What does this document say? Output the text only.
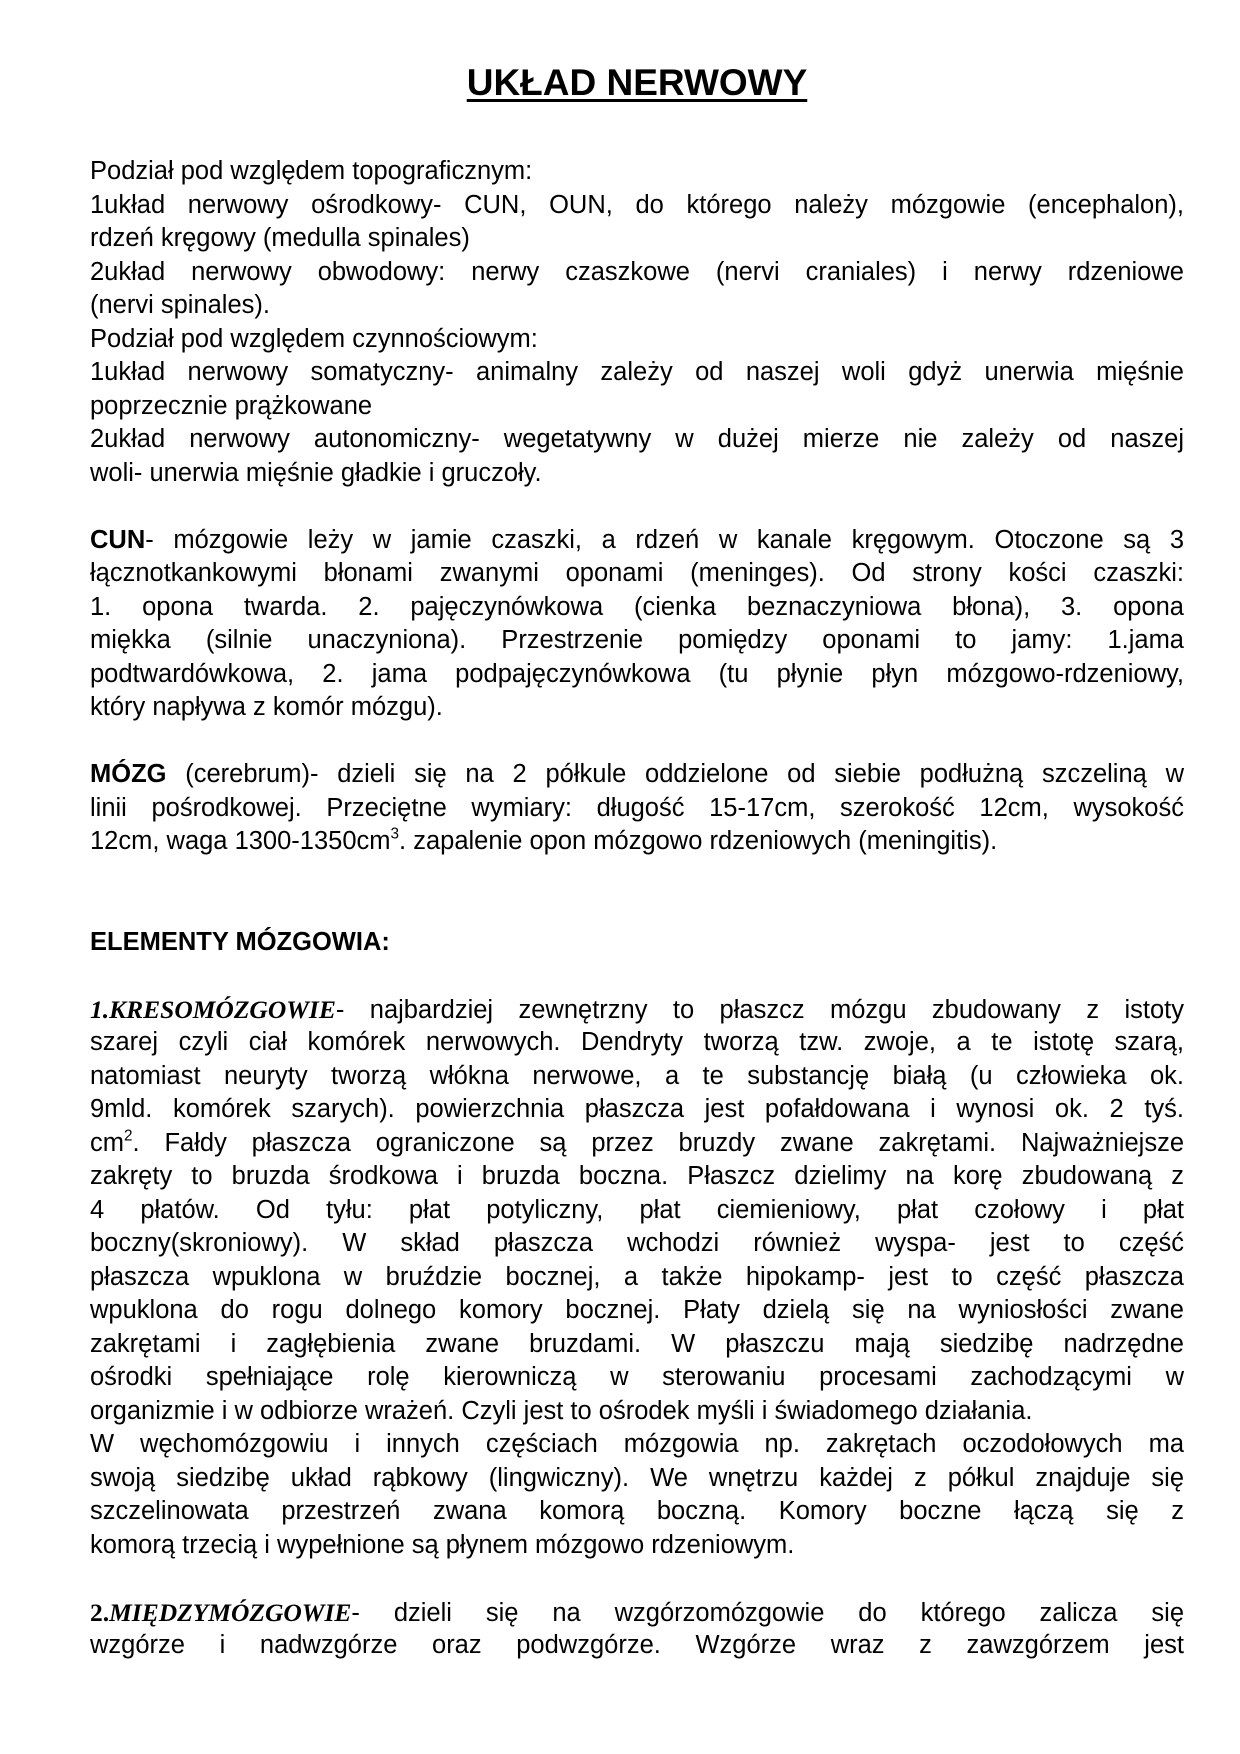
UKŁAD NERWOWY
Podział pod względem topograficznym:
1układ nerwowy ośrodkowy- CUN, OUN, do którego należy mózgowie (encephalon),
rdzeń kręgowy (medulla spinales)
2układ nerwowy obwodowy: nerwy czaszkowe (nervi craniales) i nerwy rdzeniowe
(nervi spinales).
Podział pod względem czynnościowym:
1układ nerwowy somatyczny- animalny zależy od naszej woli gdyż unerwia mięśnie
poprzecznie prążkowane
2układ nerwowy autonomiczny- wegetatywny w dużej mierze nie zależy od naszej
woli- unerwia mięśnie gładkie i gruczoły.
CUN- mózgowie leży w jamie czaszki, a rdzeń w kanale kręgowym. Otoczone są 3
łącznotkankowymi błonami zwanymi oponami (meninges). Od strony kości czaszki:
1. opona twarda. 2. pajęczynówkowa (cienka beznaczyniowa błona), 3. opona
miękka (silnie unaczyniona). Przestrzenie pomiędzy oponami to jamy: 1.jama
podtwardówkowa, 2. jama podpajęczynówkowa (tu płynie płyn mózgowo-rdzeniowy,
który napływa z komór mózgu).
MÓZG (cerebrum)- dzieli się na 2 półkule oddzielone od siebie podłużną szczeliną w
linii pośrodkowej. Przeciętne wymiary: długość 15-17cm, szerokość 12cm, wysokość
12cm, waga $1300-1350cm^3$. zapalenie opon mózgowo rdzeniowych (meningitis).
ELEMENTY MÓZGOWIA:
1.KRESOMÓZGOWIE- najbardziej zewnętrzny to płaszcz mózgu zbudowany z istoty
szarej czyli ciał komórek nerwowych. Dendryty tworzą tzw. zwoje, a te istotę szarą,
natomiast neuryty tworzą włókna nerwowe, a te substancję białą (u człowieka ok.
9mld. komórek szarych). powierzchnia płaszcza jest pofałdowana i wynosi ok. 2 tyś.
$cm^2$. Fałdy płaszcza ograniczone są przez bruzdy zwane zakrętami. Najważniejsze
zakręty to bruzda środkowa i bruzda boczna. Płaszcz dzielimy na korę zbudowaną z
4 płatów. Od tyłu: płat potyliczny, płat ciemieniowy, płat czołowy i płat
boczny(skroniowy). W skład płaszcza wchodzi również wyspa- jest to część
płaszcza wpuklona w bruździe bocznej, a także hipokamp- jest to część płaszcza
wpuklona do rogu dolnego komory bocznej. Płaty dzielą się na wyniosłości zwane
zakrętami i zagłębienia zwane bruzdami. W płaszczu mają siedzibę nadrzędne
ośrodki spełniające rolę kierowniczą w sterowaniu procesami zachodzącymi w
organizmie i w odbiorze wrażeń. Czyli jest to ośrodek myśli i świadomego działania.
W węchomózgowiu i innych częściach mózgowia np. zakrętach oczodołowych ma
swoją siedzibę układ rąbkowy (lingwiczny). We wnętrzu każdej z półkul znajduje się
szczelinowata przestrzeń zwana komorą boczną. Komory boczne łączą się z
komorą trzecią i wypełnione są płynem mózgowo rdzeniowym.
2.MIĘDZYMÓZGOWIE- dzieli się na wzgórzomózgowie do którego zalicza się
wzgórze i nadwzgórze oraz podwzgórze. Wzgórze wraz z zawzgórzem jest
